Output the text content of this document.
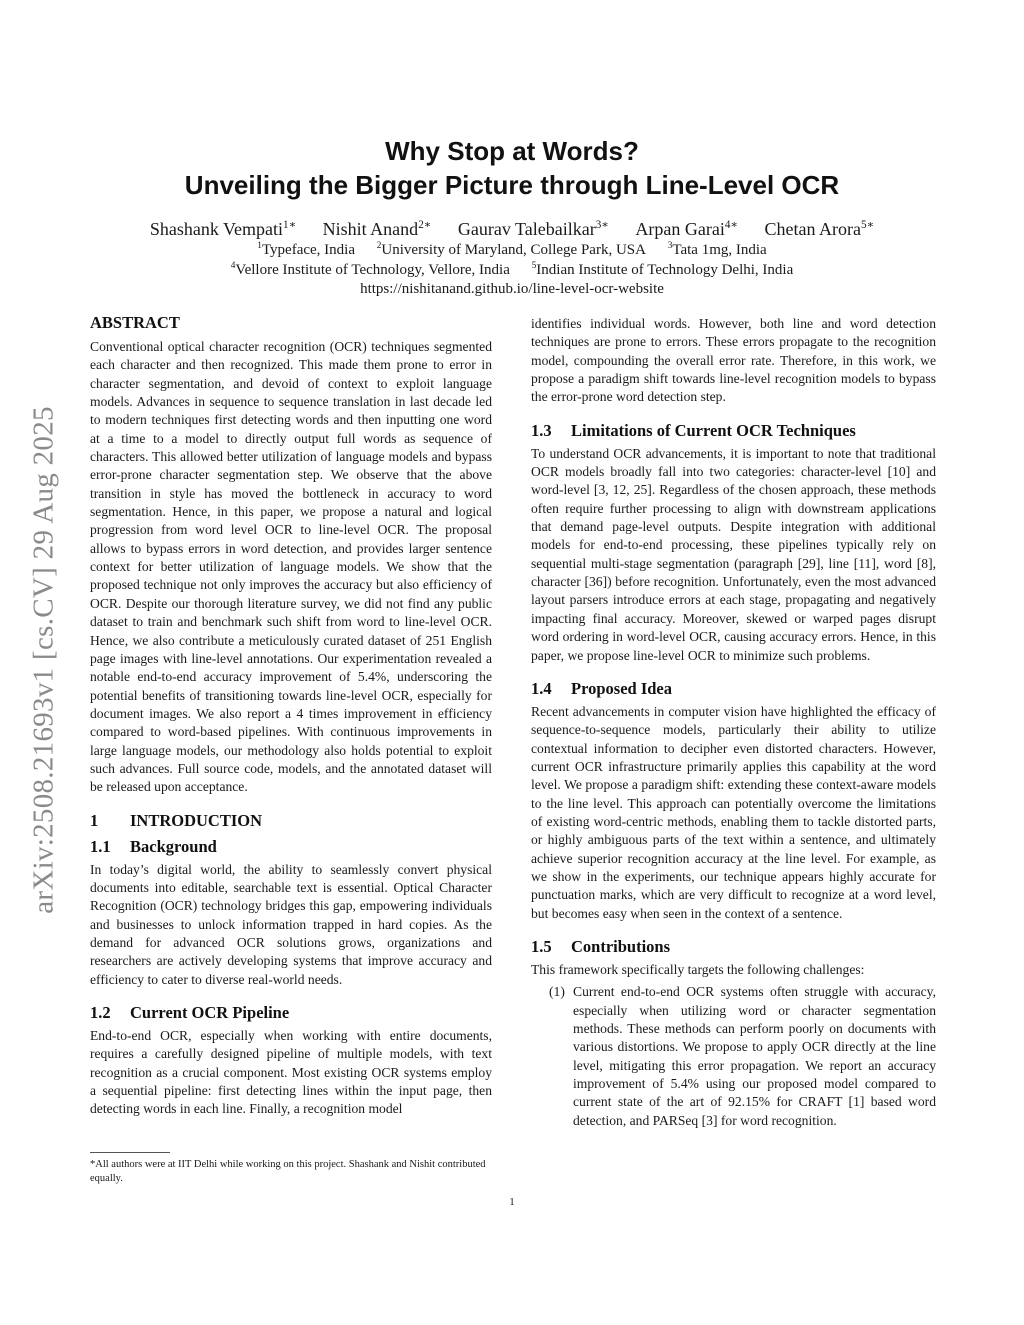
arXiv:2508.21693v1 [cs.CV] 29 Aug 2025
Why Stop at Words?
Unveiling the Bigger Picture through Line-Level OCR
Shashank Vempati$^{1∗}$ Nishit Anand$^{2∗}$ Gaurav Talebailkar$^{3∗}$ Arpan Garai$^{4∗}$ Chetan Arora$^{5∗}$
$^1$Typeface, India $^2$University of Maryland, College Park, USA $^3$Tata 1mg, India
$^4$Vellore Institute of Technology, Vellore, India $^5$Indian Institute of Technology Delhi, India
https://nishitanand.github.io/line-level-ocr-website
ABSTRACT

Conventional optical character recognition (OCR) techniques segmented each character and then recognized. This made them prone to error in character segmentation, and devoid of context to exploit language models. Advances in sequence to sequence translation in last decade led to modern techniques first detecting words and then inputting one word at a time to a model to directly output full words as sequence of characters. This allowed better utilization of language models and bypass error-prone character segmentation step. We observe that the above transition in style has moved the bottleneck in accuracy to word segmentation. Hence, in this paper, we propose a natural and logical progression from word level OCR to line-level OCR. The proposal allows to bypass errors in word detection, and provides larger sentence context for better utilization of language models. We show that the proposed technique not only improves the accuracy but also efficiency of OCR. Despite our thorough literature survey, we did not find any public dataset to train and benchmark such shift from word to line-level OCR. Hence, we also contribute a meticulously curated dataset of 251 English page images with line-level annotations. Our experimentation revealed a notable end-to-end accuracy improvement of 5.4%, underscoring the potential benefits of transitioning towards line-level OCR, especially for document images. We also report a 4 times improvement in efficiency compared to word-based pipelines. With continuous improvements in large language models, our methodology also holds potential to exploit such advances. Full source code, models, and the annotated dataset will be released upon acceptance.

1 INTRODUCTION
1.1 Background

In today’s digital world, the ability to seamlessly convert physical documents into editable, searchable text is essential. Optical Character Recognition (OCR) technology bridges this gap, empowering individuals and businesses to unlock information trapped in hard copies. As the demand for advanced OCR solutions grows, organizations and researchers are actively developing systems that improve accuracy and efficiency to cater to diverse real-world needs.

1.2 Current OCR Pipeline

End-to-end OCR, especially when working with entire documents, requires a carefully designed pipeline of multiple models, with text recognition as a crucial component. Most existing OCR systems employ a sequential pipeline: first detecting lines within the input page, then detecting words in each line. Finally, a recognition model

*All authors were at IIT Delhi while working on this project. Shashank and Nishit contributed equally.

identifies individual words. However, both line and word detection techniques are prone to errors. These errors propagate to the recognition model, compounding the overall error rate. Therefore, in this work, we propose a paradigm shift towards line-level recognition models to bypass the error-prone word detection step.

1.3 Limitations of Current OCR Techniques

To understand OCR advancements, it is important to note that traditional OCR models broadly fall into two categories: character-level [10] and word-level [3, 12, 25]. Regardless of the chosen approach, these methods often require further processing to align with downstream applications that demand page-level outputs. Despite integration with additional models for end-to-end processing, these pipelines typically rely on sequential multi-stage segmentation (paragraph [29], line [11], word [8], character [36]) before recognition. Unfortunately, even the most advanced layout parsers introduce errors at each stage, propagating and negatively impacting final accuracy. Moreover, skewed or warped pages disrupt word ordering in word-level OCR, causing accuracy errors. Hence, in this paper, we propose line-level OCR to minimize such problems.

1.4 Proposed Idea

Recent advancements in computer vision have highlighted the efficacy of sequence-to-sequence models, particularly their ability to utilize contextual information to decipher even distorted characters. However, current OCR infrastructure primarily applies this capability at the word level. We propose a paradigm shift: extending these context-aware models to the line level. This approach can potentially overcome the limitations of existing word-centric methods, enabling them to tackle distorted parts, or highly ambiguous parts of the text within a sentence, and ultimately achieve superior recognition accuracy at the line level. For example, as we show in the experiments, our technique appears highly accurate for punctuation marks, which are very difficult to recognize at a word level, but becomes easy when seen in the context of a sentence.

1.5 Contributions

This framework specifically targets the following challenges:

(1) Current end-to-end OCR systems often struggle with accuracy, especially when utilizing word or character segmentation methods. These methods can perform poorly on documents with various distortions. We propose to apply OCR directly at the line level, mitigating this error propagation. We report an accuracy improvement of 5.4% using our proposed model compared to current state of the art of 92.15% for CRAFT [1] based word detection, and PARSeq [3] for word recognition.
1
